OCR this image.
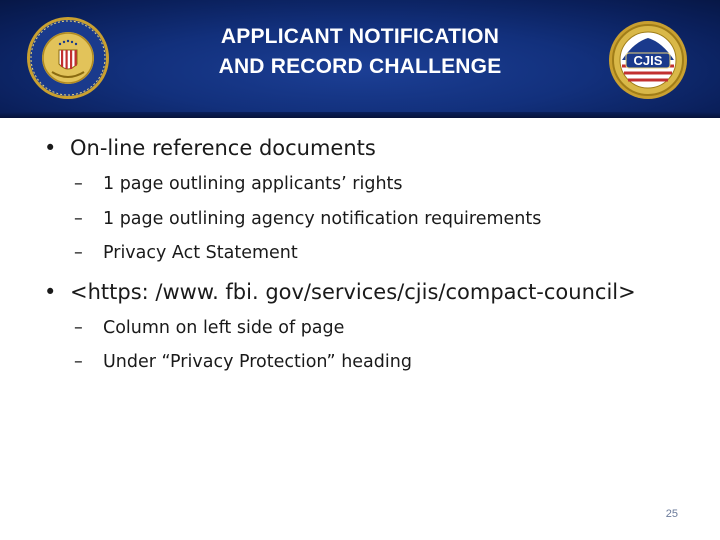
APPLICANT NOTIFICATION
AND RECORD CHALLENGE	CJIS
• On-line reference documents
– 1 page outlining applicants’ rights
– 1 page outlining agency notification requirements
– Privacy Act Statement
• <https: /www. fbi. gov/services/cjis/compact-council>
– Column on left side of page
– Under “Privacy Protection” heading
25
